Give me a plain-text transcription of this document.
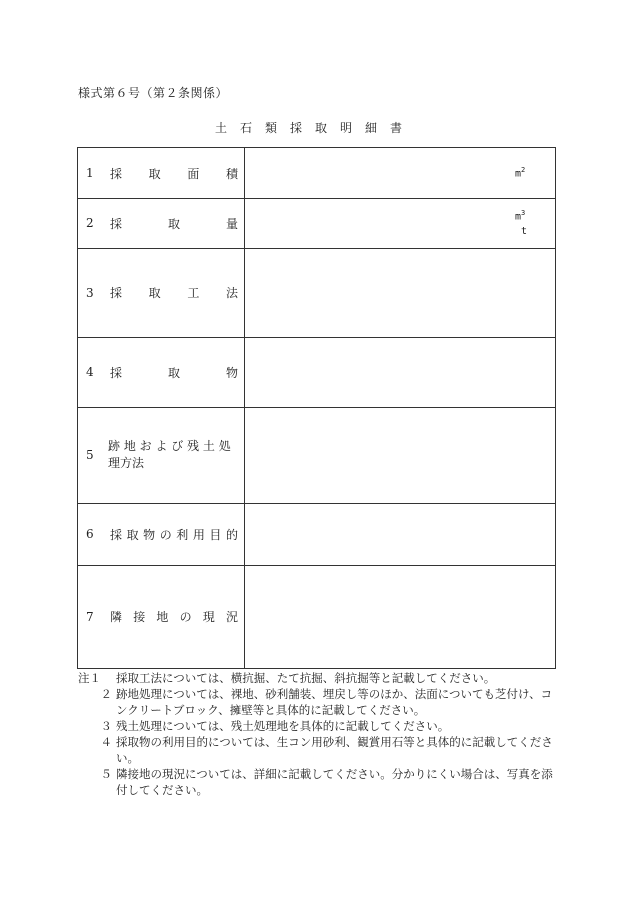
様式第６号（第２条関係）
土石類採取明細書
1 採 取 面 積	$m^2$
2 採	取	量	$m^3$
t
3 採 取 工 法
4 採	取	物
5
跡 地 お よ び 残 土 処
理方法
6 採 取 物 の 利 用 目 的
7 隣 接 地 の 現 況
注１	採取工法については、横抗掘、たて抗掘、斜抗掘等と記載してください。
２ 跡地処理については、裸地、砂利舗装、埋戻し等のほか、法面についても芝付け、コンクリートブロック、擁壁等と具体的に記載してください。
３ 残土処理については、残土処理地を具体的に記載してください。
４ 採取物の利用目的については、生コン用砂利、観賞用石等と具体的に記載してください。
５ 隣接地の現況については、詳細に記載してください。分かりにくい場合は、写真を添付してください。
